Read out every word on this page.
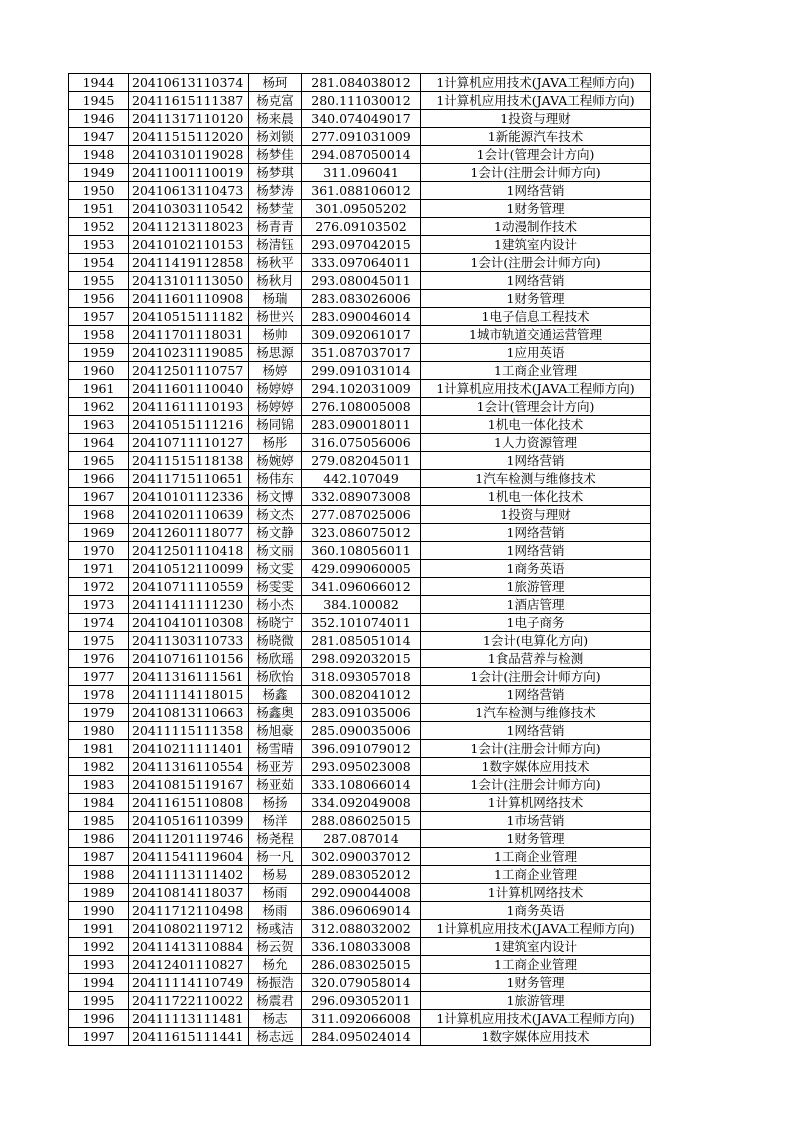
1944	20410613110374	杨珂	281.084038012	1计算机应用技术(JAVA工程师方向)
1945	20411615111387	杨克富	280.111030012	1计算机应用技术(JAVA工程师方向)
1946	20411317110120	杨来晨	340.074049017	1投资与理财
1947	20411515112020	杨刘锁	277.091031009	1新能源汽车技术
1948	20410310119028	杨梦佳	294.087050014	1会计(管理会计方向)
1949	20411001110019	杨梦琪	311.096041	1会计(注册会计师方向)
1950	20410613110473	杨梦涛	361.088106012	1网络营销
1951	20410303110542	杨梦莹	301.09505202	1财务管理
1952	20411213118023	杨青青	276.09103502	1动漫制作技术
1953	20410102110153	杨清钰	293.097042015	1建筑室内设计
1954	20411419112858	杨秋平	333.097064011	1会计(注册会计师方向)
1955	20413101113050	杨秋月	293.080045011	1网络营销
1956	20411601110908	杨瑞	283.083026006	1财务管理
1957	20410515111182	杨世兴	283.090046014	1电子信息工程技术
1958	20411701118031	杨帅	309.092061017	1城市轨道交通运营管理
1959	20410231119085	杨思源	351.087037017	1应用英语
1960	20412501110757	杨婷	299.091031014	1工商企业管理
1961	20411601110040	杨婷婷	294.102031009	1计算机应用技术(JAVA工程师方向)
1962	20411611110193	杨婷婷	276.108005008	1会计(管理会计方向)
1963	20410515111216	杨同锦	283.090018011	1机电一体化技术
1964	20410711110127	杨彤	316.075056006	1人力资源管理
1965	20411515118138	杨婉婷	279.082045011	1网络营销
1966	20411715110651	杨伟东	442.107049	1汽车检测与维修技术
1967	20410101112336	杨文博	332.089073008	1机电一体化技术
1968	20410201110639	杨文杰	277.087025006	1投资与理财
1969	20412601118077	杨文静	323.086075012	1网络营销
1970	20412501110418	杨文丽	360.108056011	1网络营销
1971	20410512110099	杨文雯	429.099060005	1商务英语
1972	20410711110559	杨雯雯	341.096066012	1旅游管理
1973	20411411111230	杨小杰	384.100082	1酒店管理
1974	20410410110308	杨晓宁	352.101074011	1电子商务
1975	20411303110733	杨晓微	281.085051014	1会计(电算化方向)
1976	20410716110156	杨欣瑶	298.092032015	1食品营养与检测
1977	20411316111561	杨欣怡	318.093057018	1会计(注册会计师方向)
1978	20411114118015	杨鑫	300.082041012	1网络营销
1979	20410813110663	杨鑫奥	283.091035006	1汽车检测与维修技术
1980	20411115111358	杨旭豪	285.090035006	1网络营销
1981	20410211111401	杨雪晴	396.091079012	1会计(注册会计师方向)
1982	20411316110554	杨亚芳	293.095023008	1数字媒体应用技术
1983	20410815119167	杨亚茹	333.108066014	1会计(注册会计师方向)
1984	20411615110808	杨扬	334.092049008	1计算机网络技术
1985	20410516110399	杨洋	288.086025015	1市场营销
1986	20411201119746	杨尧程	287.087014	1财务管理
1987	20411541119604	杨一凡	302.090037012	1工商企业管理
1988	20411113111402	杨易	289.083052012	1工商企业管理
1989	20410814118037	杨雨	292.090044008	1计算机网络技术
1990	20411712110498	杨雨	386.096069014	1商务英语
1991	20410802119712	杨彧洁	312.088032002	1计算机应用技术(JAVA工程师方向)
1992	20411413110884	杨云贺	336.108033008	1建筑室内设计
1993	20412401110827	杨允	286.083025015	1工商企业管理
1994	20411114110749	杨振浩	320.079058014	1财务管理
1995	20411722110022	杨震君	296.093052011	1旅游管理
1996	20411113111481	杨志	311.092066008	1计算机应用技术(JAVA工程师方向)
1997	20411615111441	杨志远	284.095024014	1数字媒体应用技术
